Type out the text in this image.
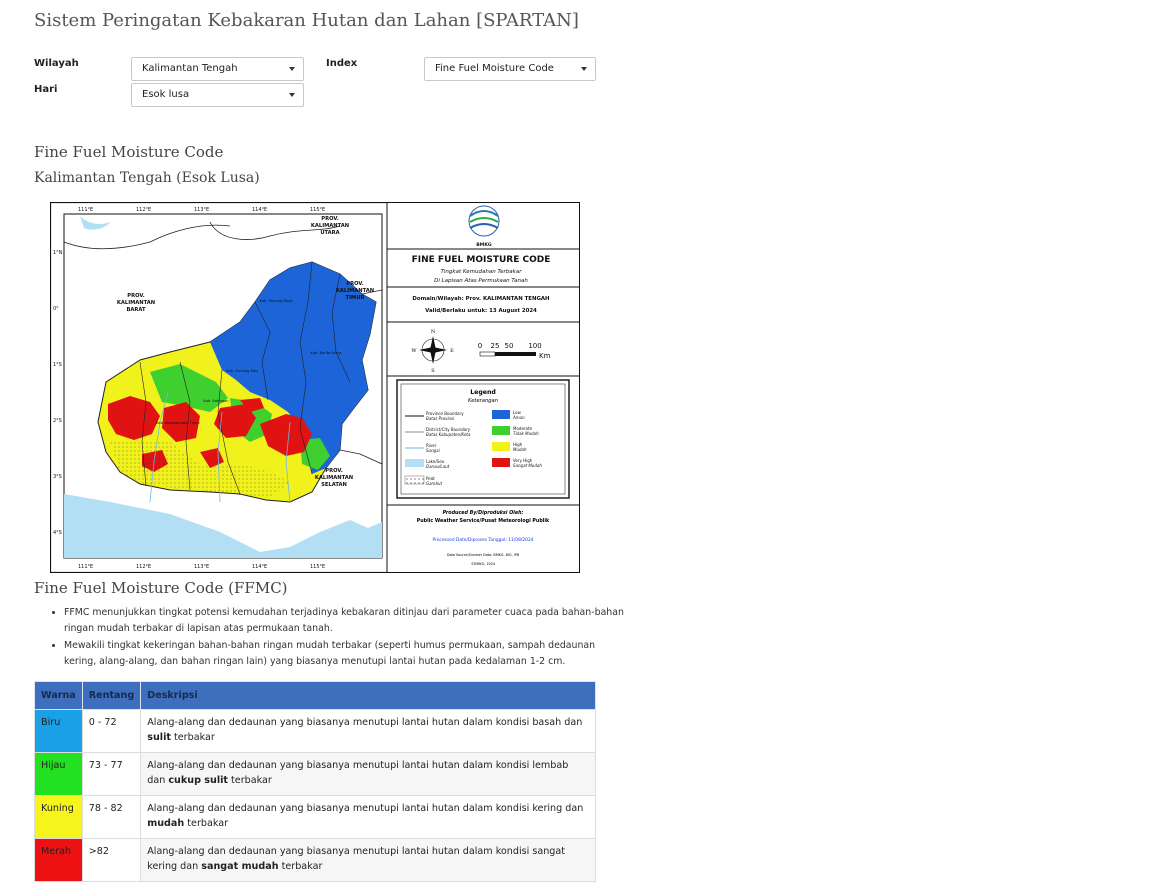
Sistem Peringatan Kebakaran Hutan dan Lahan [SPARTAN]
Wilayah	Kalimantan Tengah
Hari	Esok lusa
Index	Fine Fuel Moisture Code
Fine Fuel Moisture Code
Kalimantan Tengah (Esok Lusa)
111°E	112°E	113°E	114°E	115°E
111°E	112°E	113°E	114°E	115°E
1°N
0°
1°S
2°S
3°S
4°S
PROV.
KALIMANTAN
BARAT
PROV.
KALIMANTAN
TIMUR
PROV.
KALIMANTAN
UTARA
PROV.
KALIMANTAN
SELATAN
Kab. Murung Raya
Kab. Barito Utara
Kab. Gunung Mas
Kab. Katingan
Kab. Kotawaringin Timur
BMKG
FINE FUEL MOISTURE CODE
Tingkat Kemudahan Terbakar
Di Lapisan Atas Permukaan Tanah
Domain/Wilayah: Prov. KALIMANTAN TENGAH
Valid/Berlaku untuk: 13 August 2024
N
S
W	E
0 25 50 100
Km
Legend
Keterangan
Province Boundary
Batas Provinsi
District/City Boundary
Batas Kabupaten/Kota
River
Sungai
Lake/Sea
Danau/Laut
Peat
Gambut
Low
Aman
Moderate
Tidak Mudah
High
Mudah
Very High
Sangat Mudah
Produced By/Diproduksi Oleh:
Public Weather Service/Pusat Meteorologi Publik
Processed Date/Diproses Tanggal: 11/08/2024
Data Source/Sumber Data: BMKG, BIG, IPB
©BMKG, 2024
Fine Fuel Moisture Code (FFMC)
• FFMC menunjukkan tingkat potensi kemudahan terjadinya kebakaran ditinjau dari parameter cuaca pada bahan-bahan ringan mudah terbakar di lapisan atas permukaan tanah.
• Mewakili tingkat kekeringan bahan-bahan ringan mudah terbakar (seperti humus permukaan, sampah dedaunan kering, alang-alang, dan bahan ringan lain) yang biasanya menutupi lantai hutan pada kedalaman 1-2 cm.
Warna	Rentang	Deskripsi
Biru	0 - 72	Alang-alang dan dedaunan yang biasanya menutupi lantai hutan dalam kondisi basah dan sulit terbakar
Hijau	73 - 77	Alang-alang dan dedaunan yang biasanya menutupi lantai hutan dalam kondisi lembab dan cukup sulit terbakar
Kuning	78 - 82	Alang-alang dan dedaunan yang biasanya menutupi lantai hutan dalam kondisi kering dan mudah terbakar
Merah	>82	Alang-alang dan dedaunan yang biasanya menutupi lantai hutan dalam kondisi sangat kering dan sangat mudah terbakar
